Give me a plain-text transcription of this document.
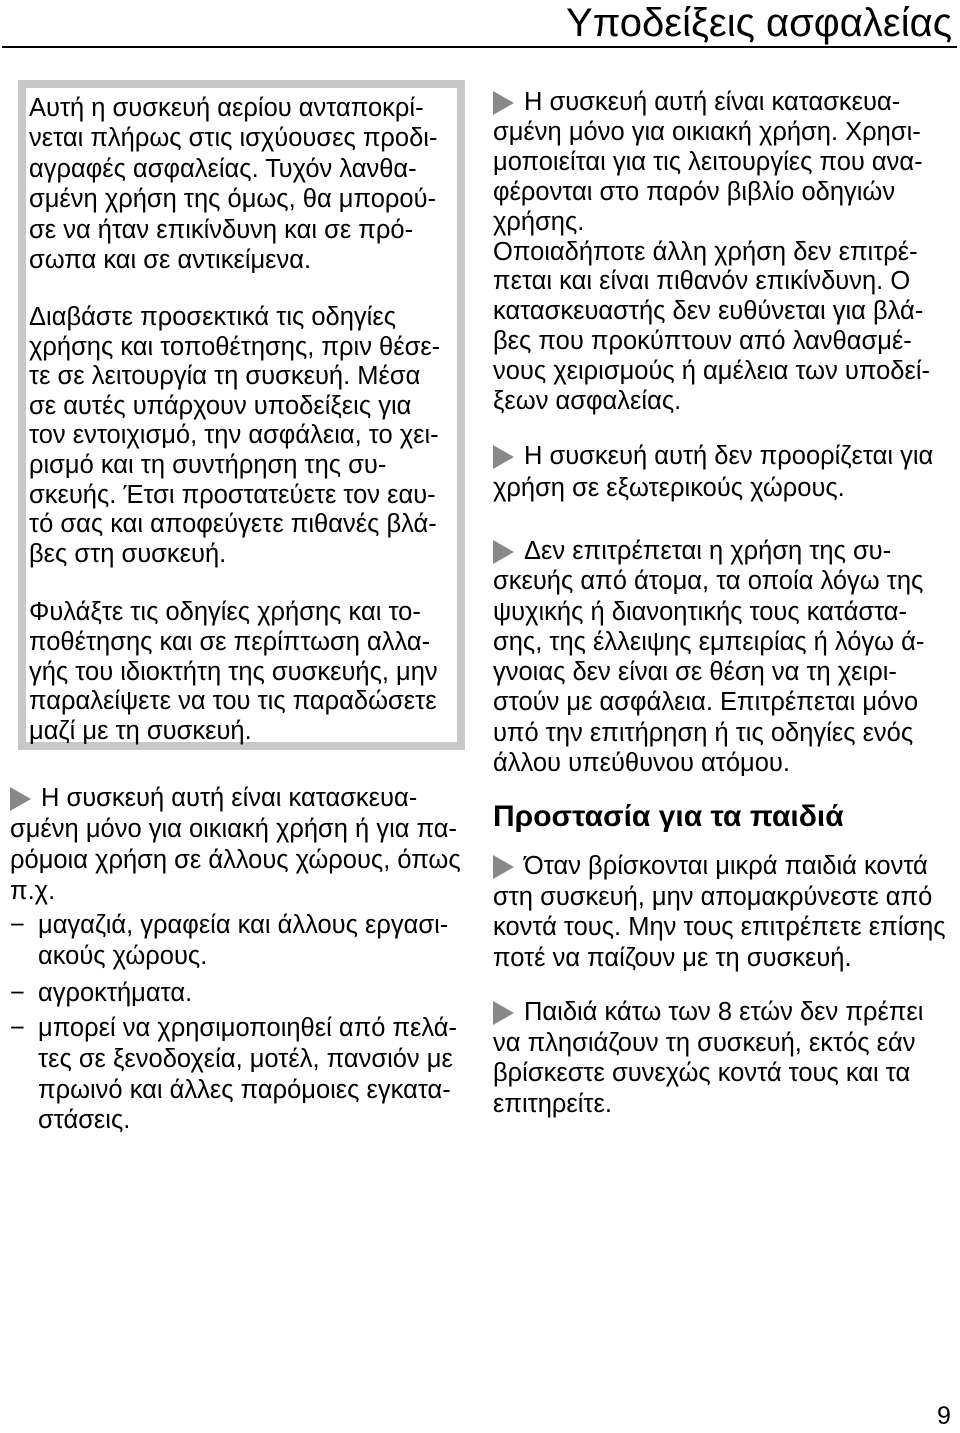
Υποδείξεις ασφαλείας
Αυτή η συσκευή αερίου ανταποκρί-
νεται πλήρως στις ισχύουσες προδι-
αγραφές ασφαλείας. Τυχόν λανθα-
σμένη χρήση της όμως, θα μπορού-
σε να ήταν επικίνδυνη και σε πρό-
σωπα και σε αντικείμενα.
Διαβάστε προσεκτικά τις οδηγίες
χρήσης και τοποθέτησης, πριν θέσε-
τε σε λειτουργία τη συσκευή. Μέσα
σε αυτές υπάρχουν υποδείξεις για
τον εντοιχισμό, την ασφάλεια, το χει-
ρισμό και τη συντήρηση της συ-
σκευής. Έτσι προστατεύετε τον εαυ-
τό σας και αποφεύγετε πιθανές βλά-
βες στη συσκευή.
Φυλάξτε τις οδηγίες χρήσης και το-
ποθέτησης και σε περίπτωση αλλα-
γής του ιδιοκτήτη της συσκευής, μην
παραλείψετε να του τις παραδώσετε
μαζί με τη συσκευή.
Η συσκευή αυτή είναι κατασκευα-
σμένη μόνο για οικιακή χρήση ή για πα-
ρόμοια χρήση σε άλλους χώρους, όπως
π.χ.
− μαγαζιά, γραφεία και άλλους εργασι-
ακούς χώρους.
− αγροκτήματα.
− μπορεί να χρησιμοποιηθεί από πελά-
τες σε ξενοδοχεία, μοτέλ, πανσιόν με
πρωινό και άλλες παρόμοιες εγκατα-
στάσεις.
Η συσκευή αυτή είναι κατασκευα-
σμένη μόνο για οικιακή χρήση. Χρησι-
μοποιείται για τις λειτουργίες που ανα-
φέρονται στο παρόν βιβλίο οδηγιών
χρήσης.
Οποιαδήποτε άλλη χρήση δεν επιτρέ-
πεται και είναι πιθανόν επικίνδυνη. Ο
κατασκευαστής δεν ευθύνεται για βλά-
βες που προκύπτουν από λανθασμέ-
νους χειρισμούς ή αμέλεια των υποδεί-
ξεων ασφαλείας.
Η συσκευή αυτή δεν προορίζεται για
χρήση σε εξωτερικούς χώρους.
Δεν επιτρέπεται η χρήση της συ-
σκευής από άτομα, τα οποία λόγω της
ψυχικής ή διανοητικής τους κατάστα-
σης, της έλλειψης εμπειρίας ή λόγω ά-
γνοιας δεν είναι σε θέση να τη χειρι-
στούν με ασφάλεια. Επιτρέπεται μόνο
υπό την επιτήρηση ή τις οδηγίες ενός
άλλου υπεύθυνου ατόμου.
Προστασία για τα παιδιά
Όταν βρίσκονται μικρά παιδιά κοντά
στη συσκευή, μην απομακρύνεστε από
κοντά τους. Μην τους επιτρέπετε επίσης
ποτέ να παίζουν με τη συσκευή.
Παιδιά κάτω των 8 ετών δεν πρέπει
να πλησιάζουν τη συσκευή, εκτός εάν
βρίσκεστε συνεχώς κοντά τους και τα
επιτηρείτε.
9
